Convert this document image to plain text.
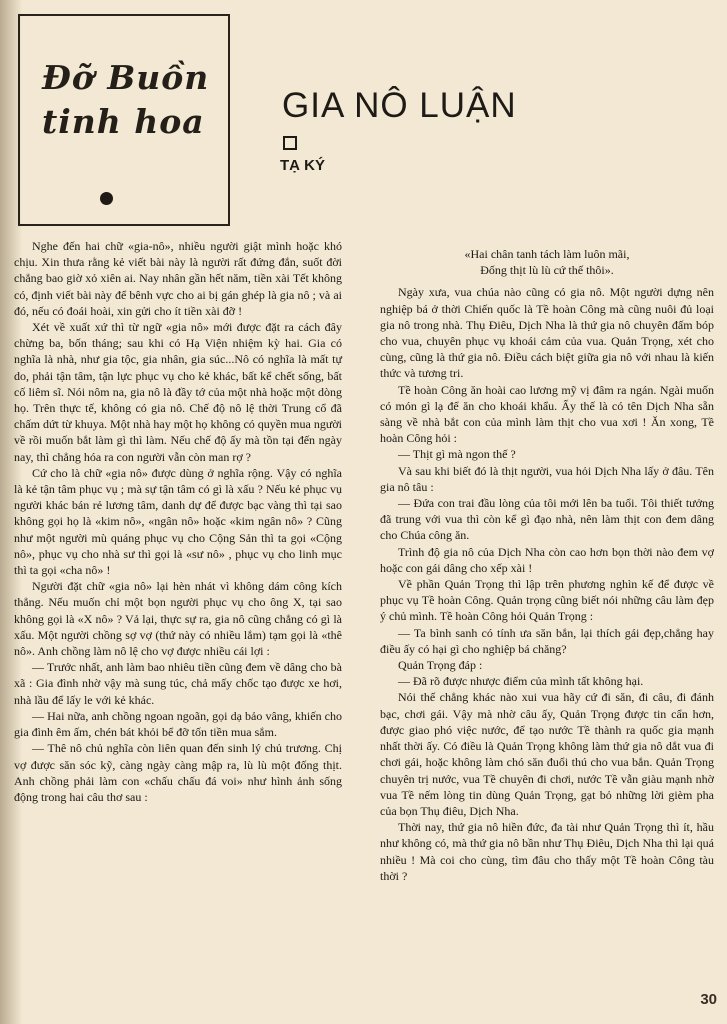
Đỡ Buồn
tinh hoa	GIA NÔ LUẬN
TẠ KÝ

Nghe đến hai chữ «gia-nô», nhiều người giật mình hoặc khó chịu. Xin thưa rằng kẻ viết bài này là người rất đứng đắn, suốt đời chẳng bao giờ xỏ xiên ai. Nay nhân gần hết năm, tiền xài Tết không có, định viết bài này để bênh vực cho ai bị gán ghép là gia nô ; và ai đó, nếu có đoái hoài, xin gửi cho ít tiền xài đỡ !

Xét về xuất xứ thì từ ngữ «gia nô» mới được đặt ra cách đây chừng ba, bốn tháng; sau khi có Hạ Viện nhiệm kỳ hai. Gia có nghĩa là nhà, như gia tộc, gia nhân, gia súc...Nô có nghĩa là mất tự do, phải tận tâm, tận lực phục vụ cho kẻ khác, bất kể chết sống, bất cố liêm sĩ. Nói nôm na, gia nô là đầy tớ của một nhà hoặc một dòng họ. Trên thực tế, không có gia nô. Chế độ nô lệ thời Trung cổ đã chấm dứt từ khuya. Một nhà hay một họ không có quyền mua người về rồi muốn bắt làm gì thì làm. Nếu chế độ ấy mà tồn tại đến ngày nay, thì chẳng hóa ra con người vẫn còn man rợ ?

Cứ cho là chữ «gia nô» được dùng ở nghĩa rộng. Vậy có nghĩa là kẻ tận tâm phục vụ ; mà sự tận tâm có gì là xấu ? Nếu kẻ phục vụ người khác bán rẻ lương tâm, danh dự để được bạc vàng thì tại sao không gọi họ là «kim nô», «ngân nô» hoặc «kim ngân nô» ? Cũng như một người mù quáng phục vụ cho Cộng Sản thì ta gọi «Cộng nô», phục vụ cho nhà sư thì gọi là «sư nô» , phục vụ cho linh mục thì ta gọi «cha nô» !

Người đặt chữ «gia nô» lại hèn nhát vì không dám công kích thẳng. Nếu muốn chỉ một bọn người phục vụ cho ông X, tại sao không gọi là «X nô» ? Vả lại, thực sự ra, gia nô cũng chẳng có gì là xấu. Một người chồng sợ vợ (thứ này có nhiều lắm) tạm gọi là «thê nô». Anh chồng làm nô lệ cho vợ được nhiều cái lợi :

— Trước nhất, anh làm bao nhiêu tiền cũng đem về dâng cho bà xã : Gia đình nhờ vậy mà sung túc, chả mấy chốc tạo được xe hơi, nhà lầu để lấy le với kẻ khác.

— Hai nữa, anh chồng ngoan ngoãn, gọi dạ bảo vâng, khiến cho gia đình êm ấm, chén bát khỏi bể đỡ tốn tiền mua sắm.

— Thê nô chủ nghĩa còn liên quan đến sinh lý chủ trương. Chị vợ được săn sóc kỹ, càng ngày càng mập ra, lù lù một đống thịt. Anh chồng phải làm con «chấu chấu đá voi» như hình ảnh sống động trong hai câu thơ sau :

«Hai chân tanh tách làm luôn mãi,
Đống thịt lù lù cứ thế thôi».

Ngày xưa, vua chúa nào cũng có gia nô. Một người dựng nên nghiệp bá ở thời Chiến quốc là Tề hoàn Công mà cũng nuôi đủ loại gia nô trong nhà. Thụ Điêu, Dịch Nha là thứ gia nô chuyên đấm bóp cho vua, chuyên phục vụ khoái cảm của vua. Quản Trọng, xét cho cùng, cũng là thứ gia nô. Điều cách biệt giữa gia nô với nhau là kiến thức và tương tri.

Tề hoàn Công ăn hoài cao lương mỹ vị đâm ra ngán. Ngài muốn có món gì lạ để ăn cho khoái khẩu. Ấy thế là có tên Dịch Nha sẵn sàng về nhà bắt con của mình làm thịt cho vua xơi ! Ăn xong, Tề hoàn Công hỏi :

— Thịt gì mà ngon thế ?

Và sau khi biết đó là thịt người, vua hỏi Dịch Nha lấy ở đâu. Tên gia nô tâu :

— Đứa con trai đầu lòng của tôi mới lên ba tuổi. Tôi thiết tưởng đã trung với vua thì còn kể gì đạo nhà, nên làm thịt con đem dâng cho Chúa công ăn.

Trình độ gia nô của Dịch Nha còn cao hơn bọn thời nào đem vợ hoặc con gái dâng cho xếp xài !

Về phần Quản Trọng thì lập trên phương nghìn kế để được về phục vụ Tề hoàn Công. Quản trọng cũng biết nói những câu làm đẹp ý chủ mình. Tề hoàn Công hỏi Quản Trọng :

— Ta bình sanh có tính ưa săn bắn, lại thích gái đẹp,chẳng hay điều ấy có hại gì cho nghiệp bá chăng?

Quản Trọng đáp :

— Đã rõ được nhược điểm của mình tất không hại.

Nói thế chẳng khác nào xui vua hãy cứ đi săn, đi câu, đi đánh bạc, chơi gái. Vậy mà nhờ câu ấy, Quản Trọng được tin cẩn hơn, được giao phó việc nước, để tạo nước Tề thành ra quốc gia mạnh nhất thời ấy. Có điều là Quản Trọng không làm thứ gia nô dắt vua đi chơi gái, hoặc không làm chó săn đuổi thú cho vua bắn. Quản Trọng chuyên trị nước, vua Tề chuyên đi chơi, nước Tề vẫn giàu mạnh nhờ vua Tề nếm lòng tin dùng Quản Trọng, gạt bỏ những lời gièm pha của bọn Thụ điêu, Dịch Nha.

Thời nay, thứ gia nô hiền đức, đa tài như Quản Trọng thì ít, hầu như không có, mà thứ gia nô bần như Thụ Điêu, Dịch Nha thì lại quá nhiều ! Mà coi cho cùng, tìm đâu cho thấy một Tề hoàn Công tàu thời ?

30
